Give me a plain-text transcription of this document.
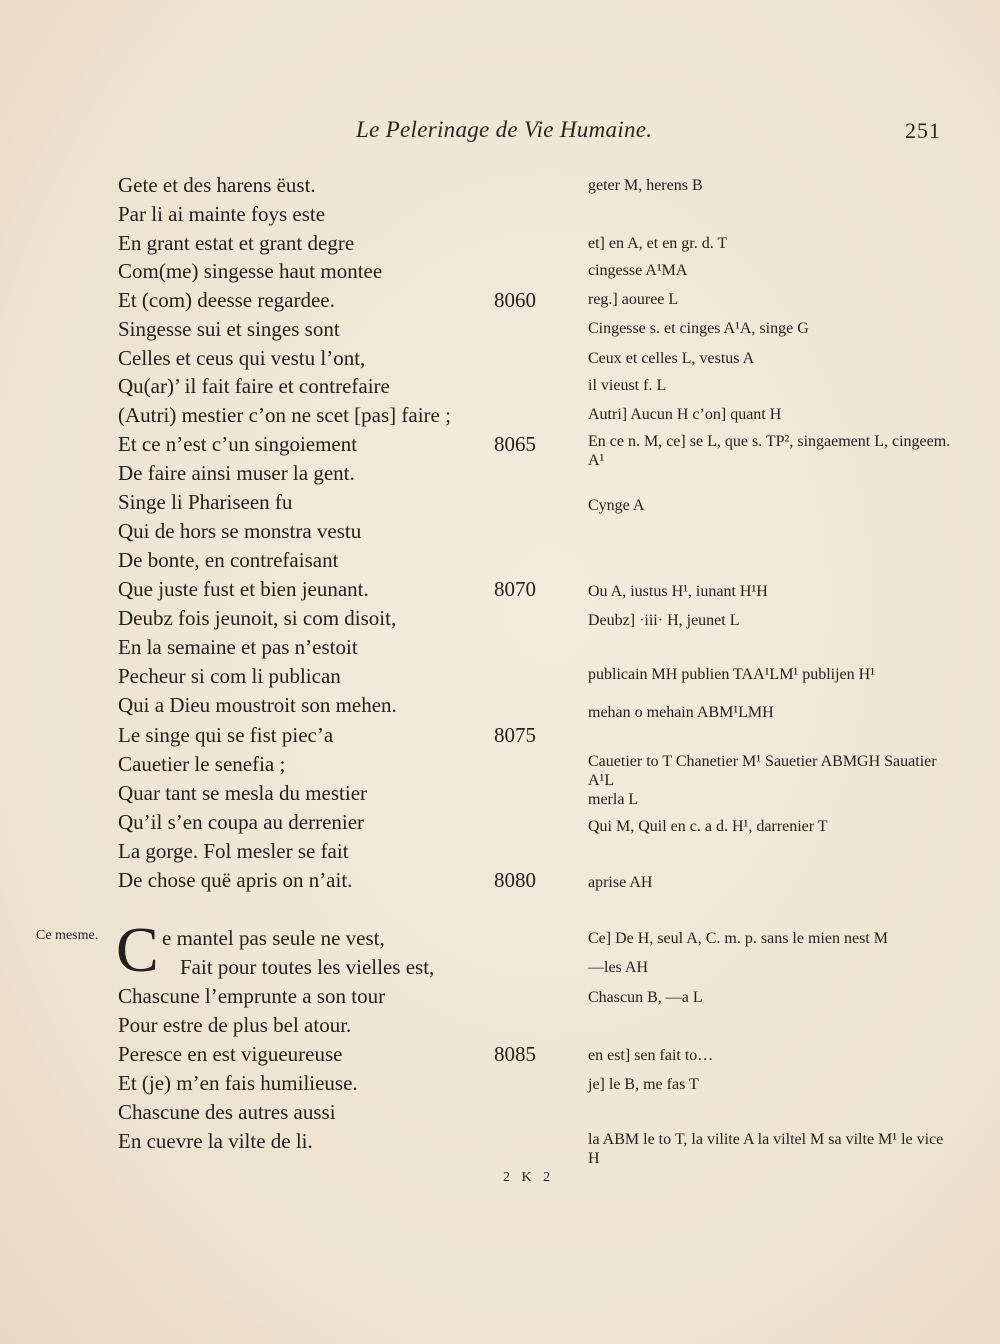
Le Pelerinage de Vie Humaine.	251
Gete et des harens ëust.
Par li ai mainte foys este
En grant estat et grant degre
Com(me) singesse haut montee
Et (com) deesse regardee.
Singesse sui et singes sont
Celles et ceus qui vestu l’ont,
Qu(ar)’ il fait faire et contrefaire
(Autri) mestier c’on ne scet [pas] faire ;
Et ce n’est c’un singoiement
De faire ainsi muser la gent.
Singe li Phariseen fu
Qui de hors se monstra vestu
De bonte, en contrefaisant
Que juste fust et bien jeunant.
Deubz fois jeunoit, si com disoit,
En la semaine et pas n’estoit
Pecheur si com li publican
Qui a Dieu moustroit son mehen.
Le singe qui se fist piec’a
Cauetier le senefia ;
Quar tant se mesla du mestier
Qu’il s’en coupa au derrenier
La gorge. Fol mesler se fait
De chose quë apris on n’ait.
Ce mesme. C e mantel pas seule ne vest,
Fait pour toutes les vielles est,
Chascune l’emprunte a son tour
Pour estre de plus bel atour.
Peresce en est vigueureuse
Et (je) m’en fais humilieuse.
Chascune des autres aussi
En cuevre la vilte de li.
8060
8065
8070
8075
8080
8085
geter M, herens B
et] en A, et en gr. d. T
cingesse A¹MA
reg.] aouree L
Cingesse s. et cinges A¹A, singe G
Ceux et celles L, vestus A
il vieust f. L
Autri] Aucun H c’on] quant H
En ce n. M, ce] se L, que s. TP², singaement L, cingeem. A¹
Cynge A
Ou A, iustus H¹, iunant H¹H
Deubz] ·iii· H, jeunet L
publicain MH publien TAA¹LM¹ publijen H¹
mehan o mehain ABM¹LMH
Cauetier to T Chanetier M¹ Sauetier ABMGH Sauatier A¹L
merla L
Qui M, Quil en c. a d. H¹, darrenier T
aprise AH
Ce] De H, seul A, C. m. p. sans le mien nest M
—les AH
Chascun B, —a L
en est] sen fait to…
je] le B, me fas T
la ABM le to T, la vilite A la viltel M sa vilte M¹ le vice H
2 K 2
